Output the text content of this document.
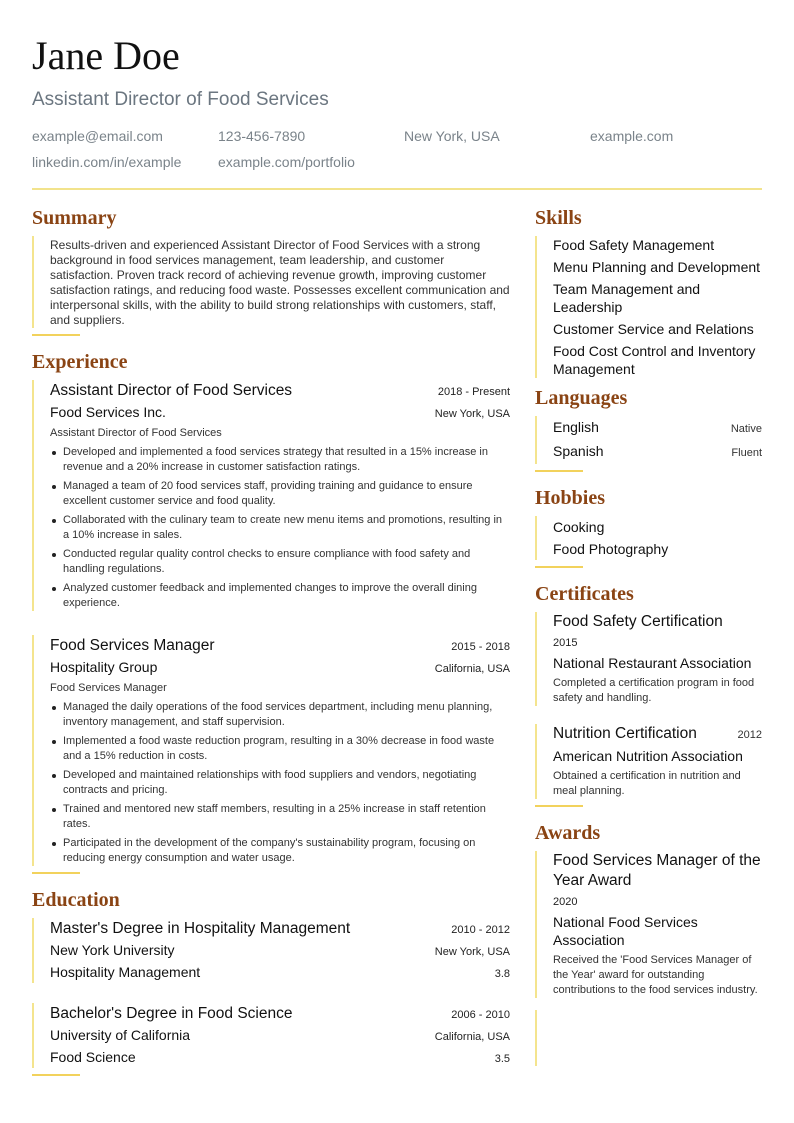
Jane Doe
Assistant Director of Food Services
example@email.com	123-456-7890	New York, USA	example.com
linkedin.com/in/example	example.com/portfolio
Summary

Results-driven and experienced Assistant Director of Food Services with a strong background in food services management, team leadership, and customer satisfaction. Proven track record of achieving revenue growth, improving customer satisfaction ratings, and reducing food waste. Possesses excellent communication and interpersonal skills, with the ability to build strong relationships with customers, staff, and suppliers.

Experience
Assistant Director of Food Services	2018 - Present
Food Services Inc.	New York, USA
Assistant Director of Food Services
Developed and implemented a food services strategy that resulted in a 15% increase in revenue and a 20% increase in customer satisfaction ratings.
Managed a team of 20 food services staff, providing training and guidance to ensure excellent customer service and food quality.
Collaborated with the culinary team to create new menu items and promotions, resulting in a 10% increase in sales.
Conducted regular quality control checks to ensure compliance with food safety and handling regulations.
Analyzed customer feedback and implemented changes to improve the overall dining experience.
Food Services Manager	2015 - 2018
Hospitality Group	California, USA
Food Services Manager
Managed the daily operations of the food services department, including menu planning, inventory management, and staff supervision.
Implemented a food waste reduction program, resulting in a 30% decrease in food waste and a 15% reduction in costs.
Developed and maintained relationships with food suppliers and vendors, negotiating contracts and pricing.
Trained and mentored new staff members, resulting in a 25% increase in staff retention rates.
Participated in the development of the company's sustainability program, focusing on reducing energy consumption and water usage.
Education
Master's Degree in Hospitality Management	2010 - 2012
New York University	New York, USA
Hospitality Management	3.8
Bachelor's Degree in Food Science	2006 - 2010
University of California	California, USA
Food Science	3.5
Skills
Food Safety Management
Menu Planning and Development
Team Management and Leadership
Customer Service and Relations
Food Cost Control and Inventory Management
Languages
English	Native
Spanish	Fluent
Hobbies
Cooking
Food Photography
Certificates
Food Safety Certification
2015
National Restaurant Association
Completed a certification program in food safety and handling.
Nutrition Certification	2012
American Nutrition Association
Obtained a certification in nutrition and meal planning.
Awards
Food Services Manager of the Year Award
2020
National Food Services Association
Received the 'Food Services Manager of the Year' award for outstanding contributions to the food services industry.
